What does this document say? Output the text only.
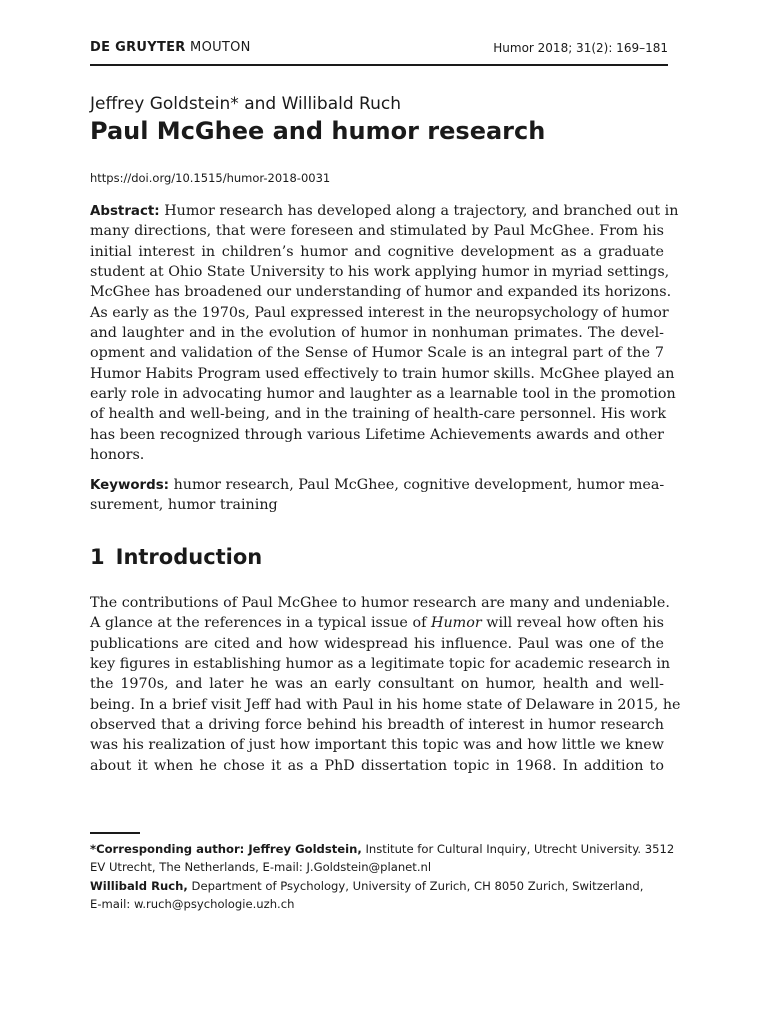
DE GRUYTER MOUTON	Humor 2018; 31(2): 169–181
Jeffrey Goldstein* and Willibald Ruch
Paul McGhee and humor research
https://doi.org/10.1515/humor-2018-0031
Abstract: Humor research has developed along a trajectory, and branched out in
many directions, that were foreseen and stimulated by Paul McGhee. From his
initial interest in children’s humor and cognitive development as a graduate
student at Ohio State University to his work applying humor in myriad settings,
McGhee has broadened our understanding of humor and expanded its horizons.
As early as the 1970s, Paul expressed interest in the neuropsychology of humor
and laughter and in the evolution of humor in nonhuman primates. The devel-
opment and validation of the Sense of Humor Scale is an integral part of the 7
Humor Habits Program used effectively to train humor skills. McGhee played an
early role in advocating humor and laughter as a learnable tool in the promotion
of health and well-being, and in the training of health-care personnel. His work
has been recognized through various Lifetime Achievements awards and other
honors.
Keywords: humor research, Paul McGhee, cognitive development, humor mea-
surement, humor training
1 Introduction
The contributions of Paul McGhee to humor research are many and undeniable.
A glance at the references in a typical issue of Humor will reveal how often his
publications are cited and how widespread his influence. Paul was one of the
key figures in establishing humor as a legitimate topic for academic research in
the 1970s, and later he was an early consultant on humor, health and well-
being. In a brief visit Jeff had with Paul in his home state of Delaware in 2015, he
observed that a driving force behind his breadth of interest in humor research
was his realization of just how important this topic was and how little we knew
about it when he chose it as a PhD dissertation topic in 1968. In addition to
*Corresponding author: Jeffrey Goldstein, Institute for Cultural Inquiry, Utrecht University. 3512
EV Utrecht, The Netherlands, E-mail: J.Goldstein@planet.nl
Willibald Ruch, Department of Psychology, University of Zurich, CH 8050 Zurich, Switzerland,
E-mail: w.ruch@psychologie.uzh.ch
